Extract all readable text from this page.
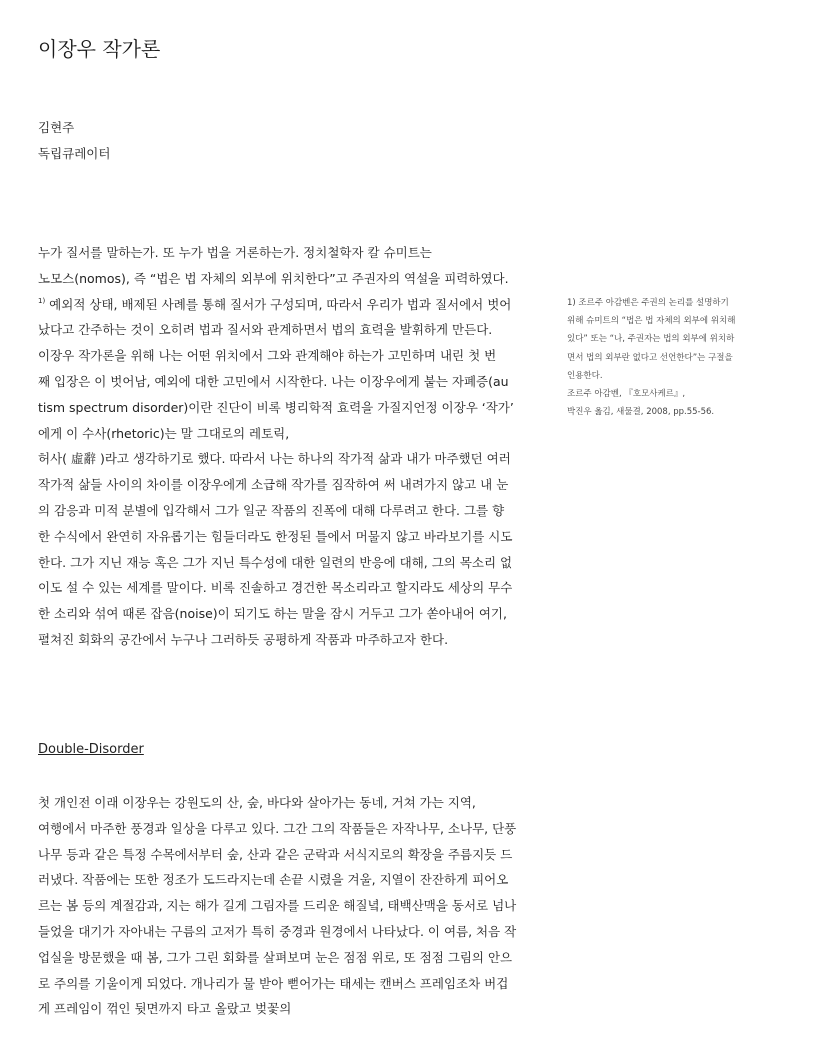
이장우 작가론
김현주
독립큐레이터
누가 질서를 말하는가. 또 누가 법을 거론하는가. 정치철학자 칼 슈미트는
노모스(nomos), 즉 “법은 법 자체의 외부에 위치한다”고 주권자의 역설을 피력하였다.
$^{1)}$ 예외적 상태, 배제된 사례를 통해 질서가 구성되며, 따라서 우리가 법과 질서에서 벗어
났다고 간주하는 것이 오히려 법과 질서와 관계하면서 법의 효력을 발휘하게 만든다.
이장우 작가론을 위해 나는 어떤 위치에서 그와 관계해야 하는가 고민하며 내린 첫 번
째 입장은 이 벗어남, 예외에 대한 고민에서 시작한다. 나는 이장우에게 붙는 자폐증(au
tism spectrum disorder)이란 진단이 비록 병리학적 효력을 가질지언정 이장우 ‘작가’
에게 이 수사(rhetoric)는 말 그대로의 레토릭,
허사( 虛辭 )라고 생각하기로 했다. 따라서 나는 하나의 작가적 삶과 내가 마주했던 여러
작가적 삶들 사이의 차이를 이장우에게 소급해 작가를 짐작하여 써 내려가지 않고 내 눈
의 감응과 미적 분별에 입각해서 그가 일군 작품의 진폭에 대해 다루려고 한다. 그를 향
한 수식에서 완연히 자유롭기는 힘들더라도 한정된 틀에서 머물지 않고 바라보기를 시도
한다. 그가 지닌 재능 혹은 그가 지닌 특수성에 대한 일련의 반응에 대해, 그의 목소리 없
이도 설 수 있는 세계를 말이다. 비록 진솔하고 경건한 목소리라고 할지라도 세상의 무수
한 소리와 섞여 때론 잡음(noise)이 되기도 하는 말을 잠시 거두고 그가 쏟아내어 여기,
펼쳐진 회화의 공간에서 누구나 그러하듯 공평하게 작품과 마주하고자 한다.
1) 조르주 아감벤은 주권의 논리를 설명하기
위해 슈미트의 “법은 법 자체의 외부에 위치해
있다” 또는 “나, 주권자는 법의 외부에 위치하
면서 법의 외부란 없다고 선언한다”는 구절을
인용한다.
조르주 아감벤, 『호모사케르』,
박진우 옮김, 새물결, 2008, pp.55-56.
Double-Disorder
첫 개인전 이래 이장우는 강원도의 산, 숲, 바다와 살아가는 동네, 거쳐 가는 지역,
여행에서 마주한 풍경과 일상을 다루고 있다. 그간 그의 작품들은 자작나무, 소나무, 단풍
나무 등과 같은 특정 수목에서부터 숲, 산과 같은 군락과 서식지로의 확장을 주름지듯 드
러냈다. 작품에는 또한 정조가 도드라지는데 손끝 시렸을 겨울, 지열이 잔잔하게 피어오
르는 봄 등의 계절감과, 지는 해가 길게 그림자를 드리운 해질녘, 태백산맥을 동서로 넘나
들었을 대기가 자아내는 구름의 고저가 특히 중경과 원경에서 나타났다. 이 여름, 처음 작
업실을 방문했을 때 봄, 그가 그린 회화를 살펴보며 눈은 점점 위로, 또 점점 그림의 안으
로 주의를 기울이게 되었다. 개나리가 물 받아 뻗어가는 태세는 캔버스 프레임조차 버겁
게 프레임이 꺾인 뒷면까지 타고 올랐고 벚꽃의
